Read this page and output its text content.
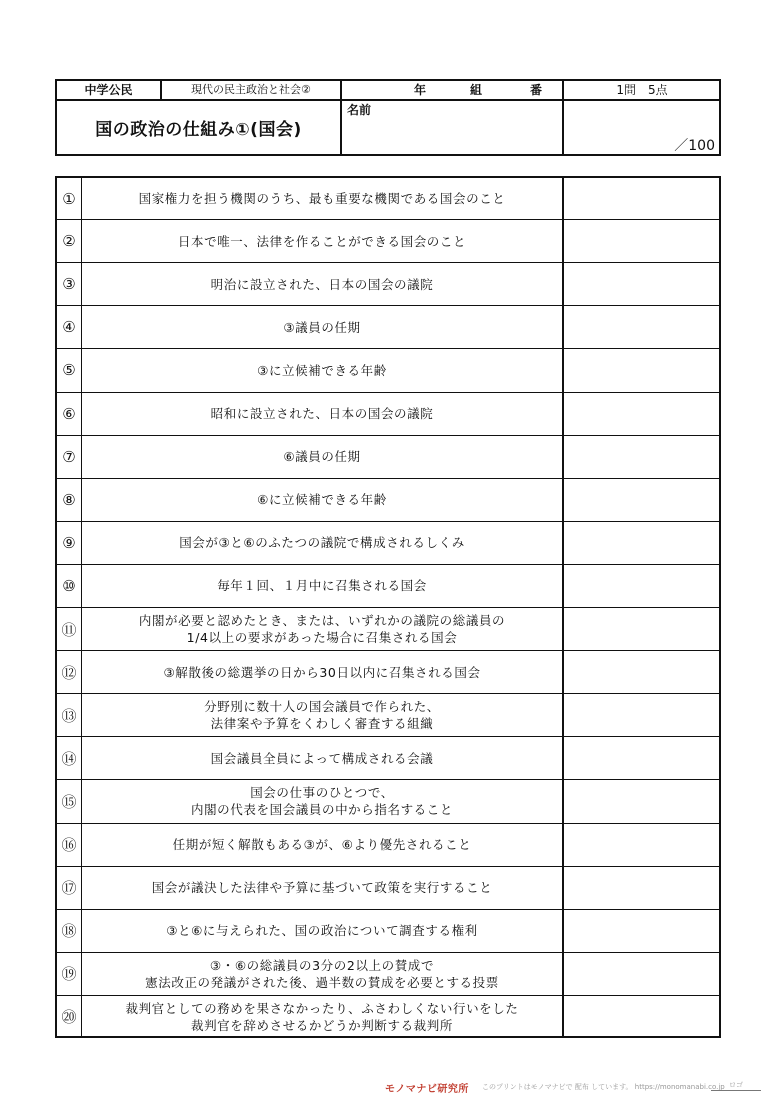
中学公民	現代の民主政治と社会②	年	組	番	1問　5点
国の政治の仕組み①(国会)
名前
／100
①	国家権力を担う機関のうち、最も重要な機関である国会のこと
②	日本で唯一、法律を作ることができる国会のこと
③	明治に設立された、日本の国会の議院
④	③議員の任期
⑤	③に立候補できる年齢
⑥	昭和に設立された、日本の国会の議院
⑦	⑥議員の任期
⑧	⑥に立候補できる年齢
⑨	国会が③と⑥のふたつの議院で構成されるしくみ
⑩	毎年１回、１月中に召集される国会
⑪	内閣が必要と認めたとき、または、いずれかの議院の総議員の
1/4以上の要求があった場合に召集される国会
⑫	③解散後の総選挙の日から30日以内に召集される国会
⑬	分野別に数十人の国会議員で作られた、
法律案や予算をくわしく審査する組織
⑭	国会議員全員によって構成される会議
⑮	国会の仕事のひとつで、
内閣の代表を国会議員の中から指名すること
⑯	任期が短く解散もある③が、⑥より優先されること
⑰	国会が議決した法律や予算に基づいて政策を実行すること
⑱	③と⑥に与えられた、国の政治について調査する権利
⑲	③・⑥の総議員の3分の2以上の賛成で
憲法改正の発議がされた後、過半数の賛成を必要とする投票
⑳	裁判官としての務めを果さなかったり、ふさわしくない行いをした
裁判官を辞めさせるかどうか判断する裁判所
モノマナビ研究所 このプリントはモノマナビで 配布 しています。 https://monomanabi.co.jp ロゴ
